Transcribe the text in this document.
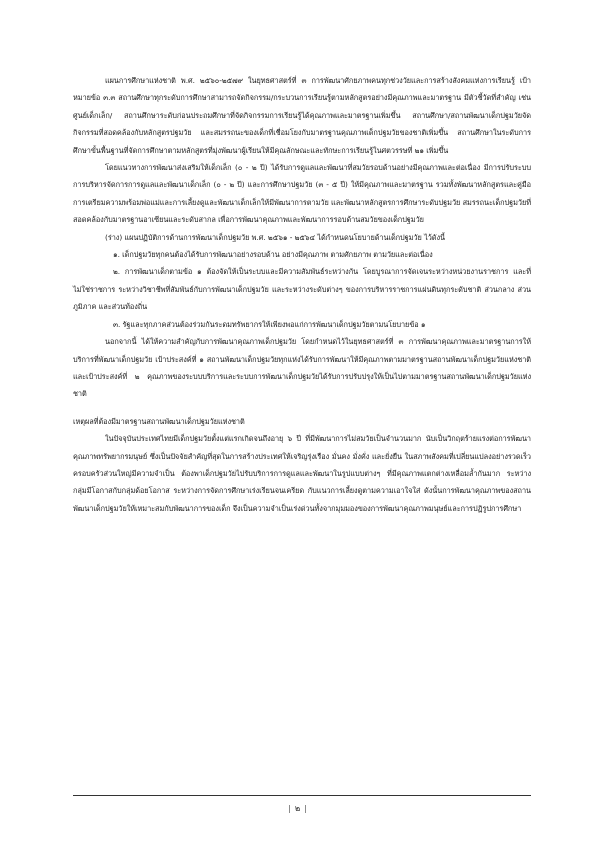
แผนการศึกษาแห่งชาติ พ.ศ. ๒๕๖๐-๒๕๗๙ ในยุทธศาสตร์ที่ ๓ การพัฒนาศักยภาพคนทุกช่วงวัยและการสร้างสังคมแห่งการเรียนรู้ เป้าหมายข้อ ๓.๓ สถานศึกษาทุกระดับการศึกษาสามารถจัดกิจกรรม/กระบวนการเรียนรู้ตามหลักสูตรอย่างมีคุณภาพและมาตรฐาน มีตัวชี้วัดที่สำคัญ เช่น ศูนย์เด็กเล็ก/ สถานศึกษาระดับก่อนประถมศึกษาที่จัดกิจกรรมการเรียนรู้ได้คุณภาพและมาตรฐานเพิ่มขึ้น สถานศึกษา/สถานพัฒนาเด็กปฐมวัยจัดกิจกรรมที่สอดคล้องกับหลักสูตรปฐมวัย และสมรรถนะของเด็กที่เชื่อมโยงกับมาตรฐานคุณภาพเด็กปฐมวัยของชาติเพิ่มขึ้น สถานศึกษาในระดับการศึกษาขั้นพื้นฐานที่จัดการศึกษาตามหลักสูตรที่มุ่งพัฒนาผู้เรียนให้มีคุณลักษณะและทักษะการเรียนรู้ในศตวรรษที่ ๒๑ เพิ่มขึ้น

โดยแนวทางการพัฒนาส่งเสริมให้เด็กเล็ก (๐ - ๒ ปี) ได้รับการดูแลและพัฒนาที่สมวัยรอบด้านอย่างมีคุณภาพและต่อเนื่อง มีการปรับระบบการบริหารจัดการการดูแลและพัฒนาเด็กเล็ก (๐ - ๒ ปี) และการศึกษาปฐมวัย (๓ - ๕ ปี) ให้มีคุณภาพและมาตรฐาน รวมทั้งพัฒนาหลักสูตรและคู่มือการเตรียมความพร้อมพ่อแม่และการเลี้ยงดูและพัฒนาเด็กเล็กให้มีพัฒนาการตามวัย และพัฒนาหลักสูตรการศึกษาระดับปฐมวัย สมรรถนะเด็กปฐมวัยที่สอดคล้องกับมาตรฐานอาเซียนและระดับสากล เพื่อการพัฒนาคุณภาพและพัฒนาการรอบด้านสมวัยของเด็กปฐมวัย

(ร่าง) แผนปฏิบัติการด้านการพัฒนาเด็กปฐมวัย พ.ศ. ๒๕๖๑ - ๒๕๖๔ ได้กำหนดนโยบายด้านเด็กปฐมวัย ไว้ดังนี้

๑. เด็กปฐมวัยทุกคนต้องได้รับการพัฒนาอย่างรอบด้าน อย่างมีคุณภาพ ตามศักยภาพ ตามวัยและต่อเนื่อง

๒. การพัฒนาเด็กตามข้อ ๑ ต้องจัดให้เป็นระบบและมีความสัมพันธ์ระหว่างกัน โดยบูรณาการจัดเจนระหว่างหน่วยงานราชการ และที่ไม่ใช่ราชการ ระหว่างวิชาชีพที่สัมพันธ์กับการพัฒนาเด็กปฐมวัย และระหว่างระดับต่างๆ ของการบริหารราชการแผ่นดินทุกระดับชาติ ส่วนกลาง ส่วนภูมิภาค และส่วนท้องถิ่น

๓. รัฐและทุกภาคส่วนต้องร่วมกันระดมทรัพยากรให้เพียงพอแก่การพัฒนาเด็กปฐมวัยตามนโยบายข้อ ๑

นอกจากนี้ ได้ให้ความสำคัญกับการพัฒนาคุณภาพเด็กปฐมวัย โดยกำหนดไว้ในยุทธศาสตร์ที่ ๓ การพัฒนาคุณภาพและมาตรฐานการให้บริการที่พัฒนาเด็กปฐมวัย เป้าประสงค์ที่ ๑ สถานพัฒนาเด็กปฐมวัยทุกแห่งได้รับการพัฒนาให้มีคุณภาพตามมาตรฐานสถานพัฒนาเด็กปฐมวัยแห่งชาติ และเป้าประสงค์ที่ ๒ คุณภาพของระบบบริการและระบบการพัฒนาเด็กปฐมวัยได้รับการปรับปรุงให้เป็นไปตามมาตรฐานสถานพัฒนาเด็กปฐมวัยแห่งชาติ

เหตุผลที่ต้องมีมาตรฐานสถานพัฒนาเด็กปฐมวัยแห่งชาติ

ในปัจจุบันประเทศไทยมีเด็กปฐมวัยตั้งแต่แรกเกิดจนถึงอายุ ๖ ปี ที่มีพัฒนาการไม่สมวัยเป็นจำนวนมาก นับเป็นวิกฤตร้ายแรงต่อการพัฒนาคุณภาพทรัพยากรมนุษย์ ซึ่งเป็นปัจจัยสำคัญที่สุดในการสร้างประเทศให้เจริญรุ่งเรือง มั่นคง มั่งคั่ง และยั่งยืน ในสภาพสังคมที่เปลี่ยนแปลงอย่างรวดเร็ว ครอบครัวส่วนใหญ่มีความจำเป็น ต้องพาเด็กปฐมวัยไปรับบริการการดูแลและพัฒนาในรูปแบบต่างๆ ที่มีคุณภาพแตกต่างเหลื่อมล้ำกันมาก ระหว่างกลุ่มมีโอกาสกับกลุ่มด้อยโอกาส ระหว่างการจัดการศึกษาเร่งเรียนจนเครียด กับแนวการเลี้ยงดูตามความเอาใจใส่ ดังนั้นการพัฒนาคุณภาพของสถานพัฒนาเด็กปฐมวัยให้เหมาะสมกับพัฒนาการของเด็ก จึงเป็นความจำเป็นเร่งด่วนทั้งจากมุมมองของการพัฒนาคุณภาพมนุษย์และการปฏิรูปการศึกษา

| ๒ |
